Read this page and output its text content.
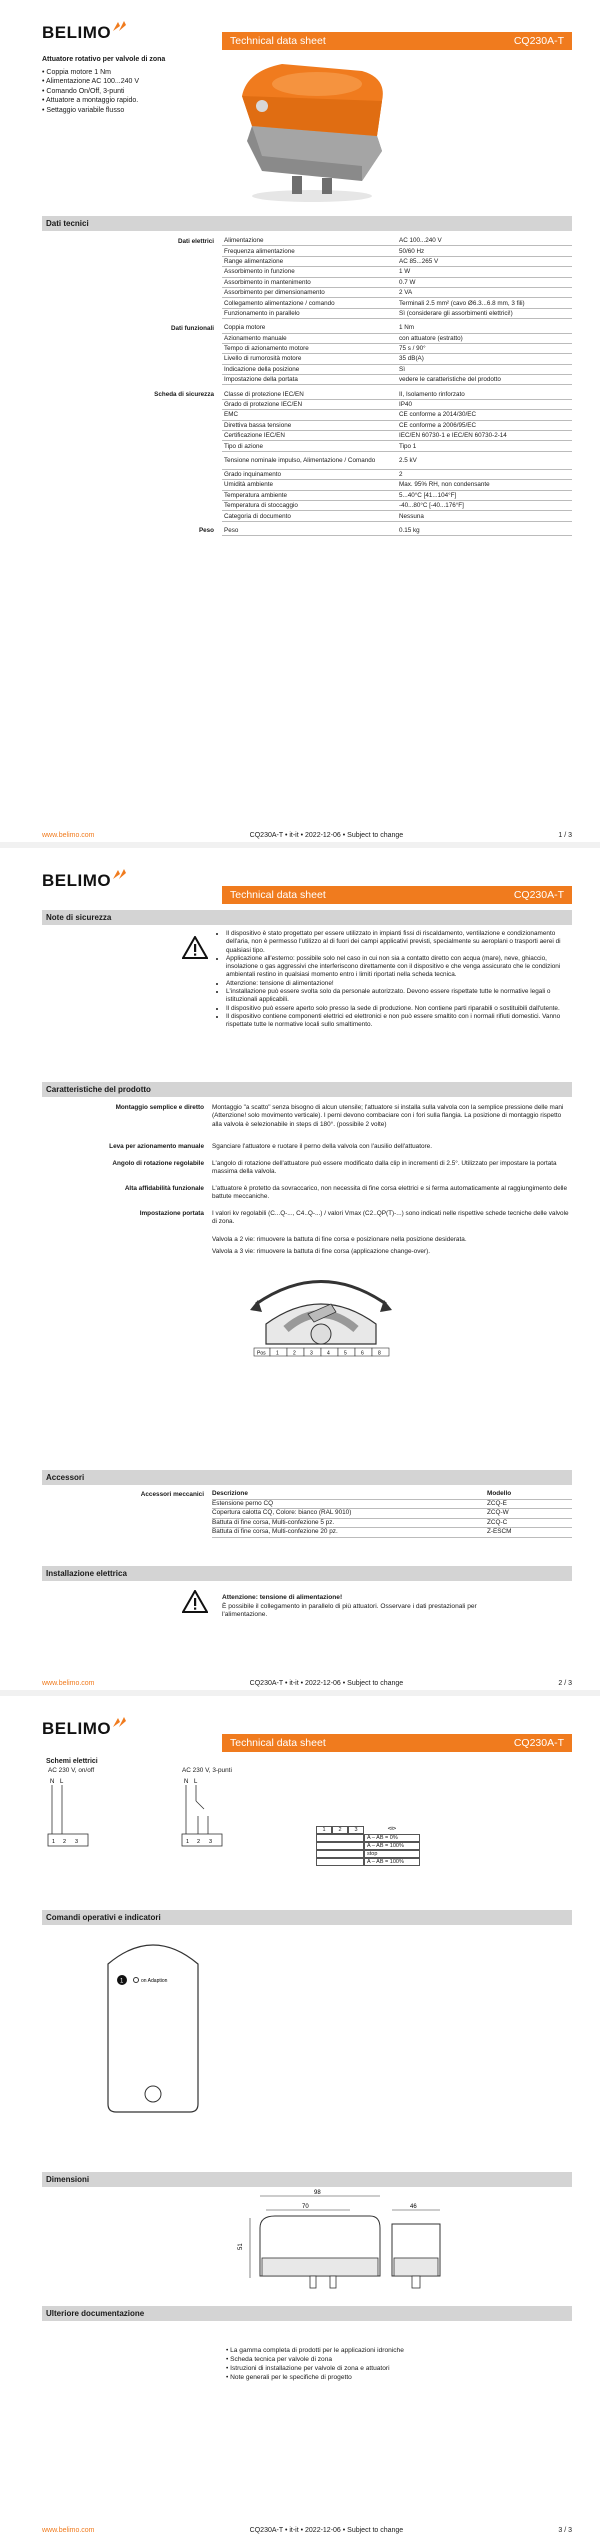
BELIMO	Technical data sheet	CQ230A-T
Attuatore rotativo per valvole di zona
• Coppia motore 1 Nm
• Alimentazione AC 100...240 V
• Comando On/Off, 3-punti
• Attuatore a montaggio rapido.
• Settaggio variabile flusso
Dati tecnici
Dati elettrici	Alimentazione	AC 100...240 V
Frequenza alimentazione	50/60 Hz
Range alimentazione	AC 85...265 V
Assorbimento in funzione	1 W
Assorbimento in mantenimento	0.7 W
Assorbimento per dimensionamento	2 VA
Collegamento alimentazione / comando	Terminali 2.5 mm² (cavo Ø6.3...6.8 mm, 3 fili)
Funzionamento in parallelo	Sì (considerare gli assorbimenti elettrici!)
Dati funzionali	Coppia motore	1 Nm
Azionamento manuale	con attuatore (estratto)
Tempo di azionamento motore	75 s / 90°
Livello di rumorosità motore	35 dB(A)
Indicazione della posizione	Sì
Impostazione della portata	vedere le caratteristiche del prodotto
Scheda di sicurezza	Classe di protezione IEC/EN	II, Isolamento rinforzato
Grado di protezione IEC/EN	IP40
EMC	CE conforme a 2014/30/EC
Direttiva bassa tensione	CE conforme a 2006/95/EC
Certificazione IEC/EN	IEC/EN 60730-1 e IEC/EN 60730-2-14
Tipo di azione	Tipo 1
Tensione nominale impulso, Alimentazione / Comando	2.5 kV
Grado inquinamento	2
Umidità ambiente	Max. 95% RH, non condensante
Temperatura ambiente	5...40°C [41...104°F]
Temperatura di stoccaggio	-40...80°C [-40...176°F]
Categoria di documento	Nessuna
Peso	Peso	0.15 kg
www.belimo.com	CQ230A-T • it-it • 2022-12-06 • Subject to change	1 / 3
BELIMO
Technical data sheet	CQ230A-T
Note di sicurezza
• Il dispositivo è stato progettato per essere utilizzato in impianti fissi di riscaldamento, ventilazione e condizionamento dell'aria, non è permesso l'utilizzo al di fuori dei campi applicativi previsti, specialmente su aeroplani o trasporti aerei di qualsiasi tipo.
• Applicazione all'esterno: possibile solo nel caso in cui non sia a contatto diretto con acqua (mare), neve, ghiaccio, insolazione o gas aggressivi che interferiscono direttamente con il dispositivo e che venga assicurato che le condizioni ambientali restino in qualsiasi momento entro i limiti riportati nella scheda tecnica.
• Attenzione: tensione di alimentazione!
• L'installazione può essere svolta solo da personale autorizzato. Devono essere rispettate tutte le normative legali o istituzionali applicabili.
• Il dispositivo può essere aperto solo presso la sede di produzione. Non contiene parti riparabili o sostituibili dall'utente.
• Il dispositivo contiene componenti elettrici ed elettronici e non può essere smaltito con i normali rifiuti domestici. Vanno rispettate tutte le normative locali sullo smaltimento.
Caratteristiche del prodotto
Montaggio semplice e diretto	Montaggio "a scatto" senza bisogno di alcun utensile; l'attuatore si installa sulla valvola con la semplice pressione delle mani (Attenzione! solo movimento verticale). I perni devono combaciare con i fori sulla flangia. La posizione di montaggio rispetto alla valvola è selezionabile in steps di 180°. (possibile 2 volte)
Leva per azionamento manuale	Sganciare l'attuatore e ruotare il perno della valvola con l'ausilio dell'attuatore.
Angolo di rotazione regolabile	L'angolo di rotazione dell'attuatore può essere modificato dalla clip in incrementi di 2.5°. Utilizzato per impostare la portata massima della valvola.
Alta affidabilità funzionale	L'attuatore è protetto da sovraccarico, non necessita di fine corsa elettrici e si ferma automaticamente al raggiungimento delle battute meccaniche.
Impostazione portata	I valori kv regolabili (C...Q-..., C4..Q-...) / valori Vmax (C2..QP(T)-...) sono indicati nelle rispettive schede tecniche delle valvole di zona.
Valvola a 2 vie: rimuovere la battuta di fine corsa e posizionare nella posizione desiderata.
Valvola a 3 vie: rimuovere la battuta di fine corsa (applicazione change-over).
Pos 1	2	3	4	5	6	8
Accessori
Accessori meccanici	Descrizione	Modello
Estensione perno CQ	ZCQ-E
Copertura calotta CQ, Colore: bianco (RAL 9010)	ZCQ-W
Battuta di fine corsa, Multi-confezione 5 pz.	ZCQ-C
Battuta di fine corsa, Multi-confezione 20 pz.	Z-ESCM
Installazione elettrica
Attenzione: tensione di alimentazione!
È possibile il collegamento in parallelo di più attuatori. Osservare i dati prestazionali per l'alimentazione.
www.belimo.com	CQ230A-T • it-it • 2022-12-06 • Subject to change	2 / 3
BELIMO
Technical data sheet	CQ230A-T
Schemi elettrici
AC 230 V, on/off	AC 230 V, 3-punti
N L
1 2 3
N L
1 2 3
1	2	3	⊲⊳
A – AB = 0%
A – AB = 100%
stop
A – AB = 100%
Comandi operativi e indicatori
1	on Adaption
Dimensioni
98
70	46
51
Ulteriore documentazione
• La gamma completa di prodotti per le applicazioni idroniche
• Scheda tecnica per valvole di zona
• Istruzioni di installazione per valvole di zona e attuatori
• Note generali per le specifiche di progetto
www.belimo.com	CQ230A-T • it-it • 2022-12-06 • Subject to change	3 / 3
